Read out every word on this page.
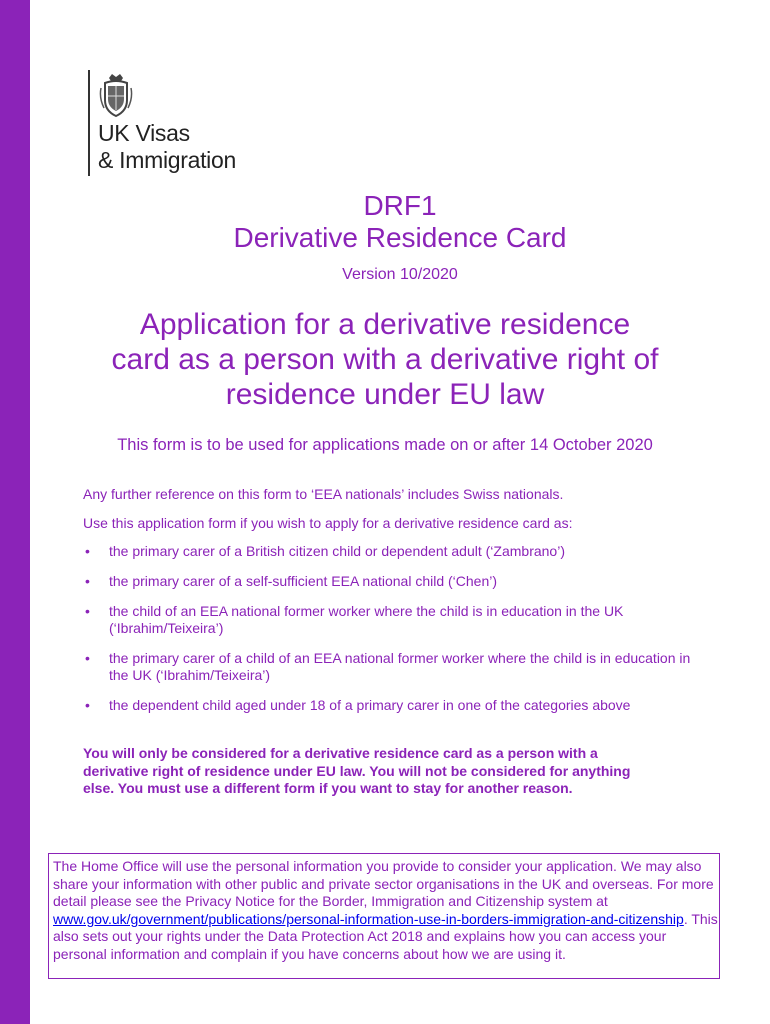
UK Visas
& Immigration
DRF1
Derivative Residence Card
Version 10/2020
Application for a derivative residence
card as a person with a derivative right of
residence under EU law
This form is to be used for applications made on or after 14 October 2020
Any further reference on this form to ‘EEA nationals’ includes Swiss nationals.
Use this application form if you wish to apply for a derivative residence card as:
• the primary carer of a British citizen child or dependent adult (‘Zambrano’)
• the primary carer of a self-sufficient EEA national child (‘Chen’)
• the child of an EEA national former worker where the child is in education in the UK (‘Ibrahim/Teixeira’)
• the primary carer of a child of an EEA national former worker where the child is in education in the UK (‘Ibrahim/Teixeira’)
• the dependent child aged under 18 of a primary carer in one of the categories above
You will only be considered for a derivative residence card as a person with a derivative right of residence under EU law. You will not be considered for anything else. You must use a different form if you want to stay for another reason.
The Home Office will use the personal information you provide to consider your application. We may also share your information with other public and private sector organisations in the UK and overseas. For more detail please see the Privacy Notice for the Border, Immigration and Citizenship system at www.gov.uk/government/publications/personal-information-use-in-borders-immigration-and-citizenship. This also sets out your rights under the Data Protection Act 2018 and explains how you can access your personal information and complain if you have concerns about how we are using it.
